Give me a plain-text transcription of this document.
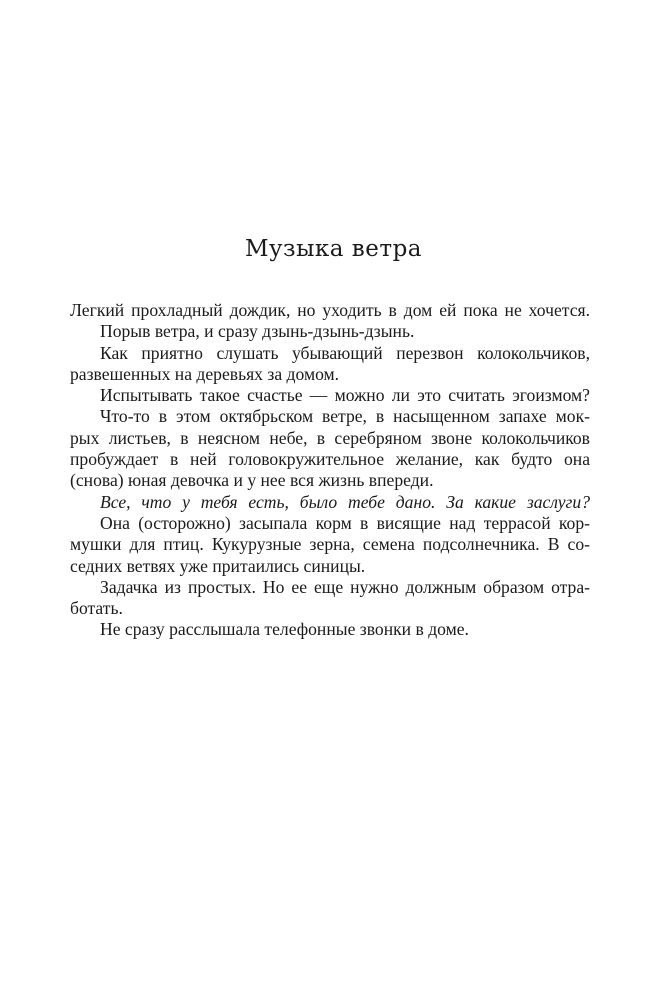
Музыка ветра
Легкий прохладный дождик, но уходить в дом ей пока не хочется.
Порыв ветра, и сразу дзынь-дзынь-дзынь.
Как приятно слушать убывающий перезвон колокольчиков,
развешенных на деревьях за домом.
Испытывать такое счастье — можно ли это считать эгоизмом?
Что-то в этом октябрьском ветре, в насыщенном запахе мок-
рых листьев, в неясном небе, в серебряном звоне колокольчиков
пробуждает в ней головокружительное желание, как будто она
(снова) юная девочка и у нее вся жизнь впереди.
Все, что у тебя есть, было тебе дано. За какие заслуги?
Она (осторожно) засыпала корм в висящие над террасой кор-
мушки для птиц. Кукурузные зерна, семена подсолнечника. В со-
седних ветвях уже притаились синицы.
Задачка из простых. Но ее еще нужно должным образом отра-
ботать.
Не сразу расслышала телефонные звонки в доме.
